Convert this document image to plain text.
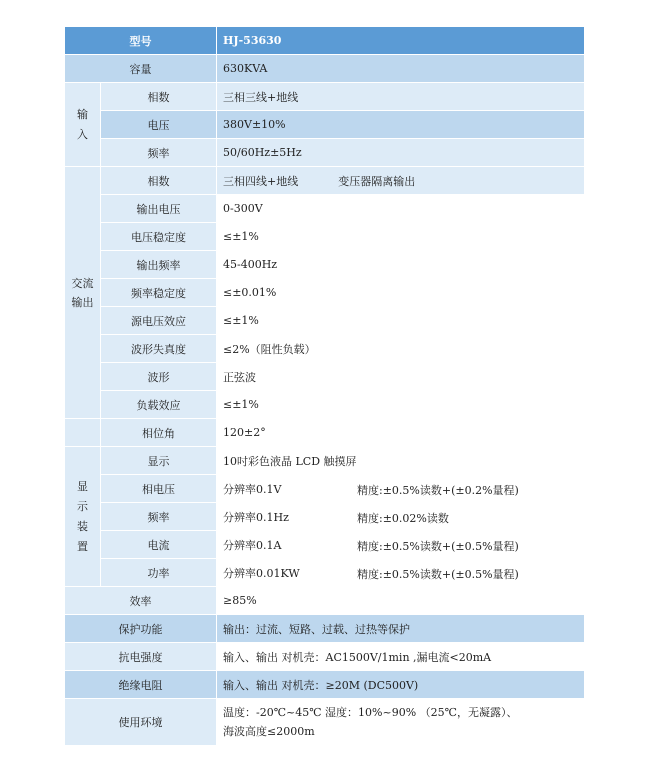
型号		HJ-53630
容量		630KVA

输入	相数	三相三线+地线
	电压	380V±10%
	频率	50/60Hz±5Hz

交流输出	相数	三相四线+地线 变压器隔离输出
	输出电压	0-300V
	电压稳定度	≤±1%
	输出频率	45-400Hz
	频率稳定度	≤±0.01%
	源电压效应	≤±1%
	波形失真度	≤2%（阻性负载）
	波形	正弦波
	负载效应	≤±1%
	相位角	120±2°

显示装置	显示	10吋彩色液晶 LCD 触摸屏
	相电压	分辨率0.1V 精度:±0.5%读数+(±0.2%量程)

	频率	分辨率0.1Hz 精度:±0.02%读数

	电流	分辨率0.1A 精度:±0.5%读数+(±0.5%量程)

	功率	分辨率0.01KW 精度:±0.5%读数+(±0.5%量程)

效率		≥85%
保护功能		输出：过流、短路、过载、过热等保护
抗电强度		输入、输出 对机壳：AC1500V/1min ,漏电流<20mA
绝缘电阻		输入、输出 对机壳：≥20M (DC500V)
使用环境		温度：-20℃~45℃ 湿度：10%~90% （25℃，无凝露）、
海波高度≤2000m
